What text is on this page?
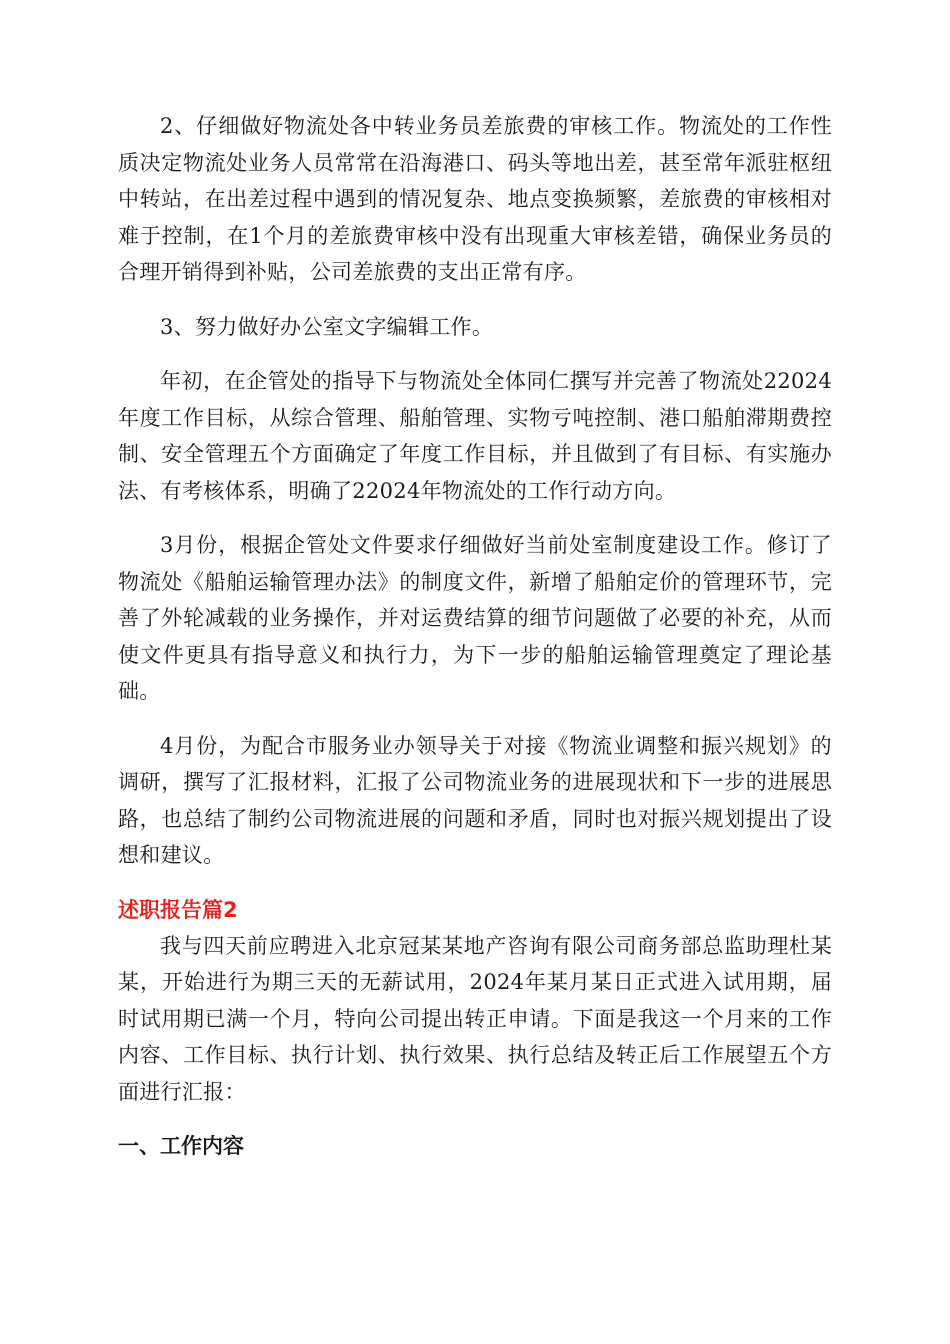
2、仔细做好物流处各中转业务员差旅费的审核工作。物流处的工作性质决定物流处业务人员常常在沿海港口、码头等地出差，甚至常年派驻枢纽中转站，在出差过程中遇到的情况复杂、地点变换频繁，差旅费的审核相对难于控制，在1个月的差旅费审核中没有出现重大审核差错，确保业务员的合理开销得到补贴，公司差旅费的支出正常有序。

3、努力做好办公室文字编辑工作。

年初，在企管处的指导下与物流处全体同仁撰写并完善了物流处22024年度工作目标，从综合管理、船舶管理、实物亏吨控制、港口船舶滞期费控制、安全管理五个方面确定了年度工作目标，并且做到了有目标、有实施办法、有考核体系，明确了22024年物流处的工作行动方向。

3月份，根据企管处文件要求仔细做好当前处室制度建设工作。修订了物流处《船舶运输管理办法》的制度文件，新增了船舶定价的管理环节，完善了外轮减载的业务操作，并对运费结算的细节问题做了必要的补充，从而使文件更具有指导意义和执行力，为下一步的船舶运输管理奠定了理论基础。

4月份，为配合市服务业办领导关于对接《物流业调整和振兴规划》的调研，撰写了汇报材料，汇报了公司物流业务的进展现状和下一步的进展思路，也总结了制约公司物流进展的问题和矛盾，同时也对振兴规划提出了设想和建议。

述职报告篇2

我与四天前应聘进入北京冠某某地产咨询有限公司商务部总监助理杜某某，开始进行为期三天的无薪试用，2024年某月某日正式进入试用期，届时试用期已满一个月，特向公司提出转正申请。下面是我这一个月来的工作内容、工作目标、执行计划、执行效果、执行总结及转正后工作展望五个方面进行汇报：

一、工作内容
